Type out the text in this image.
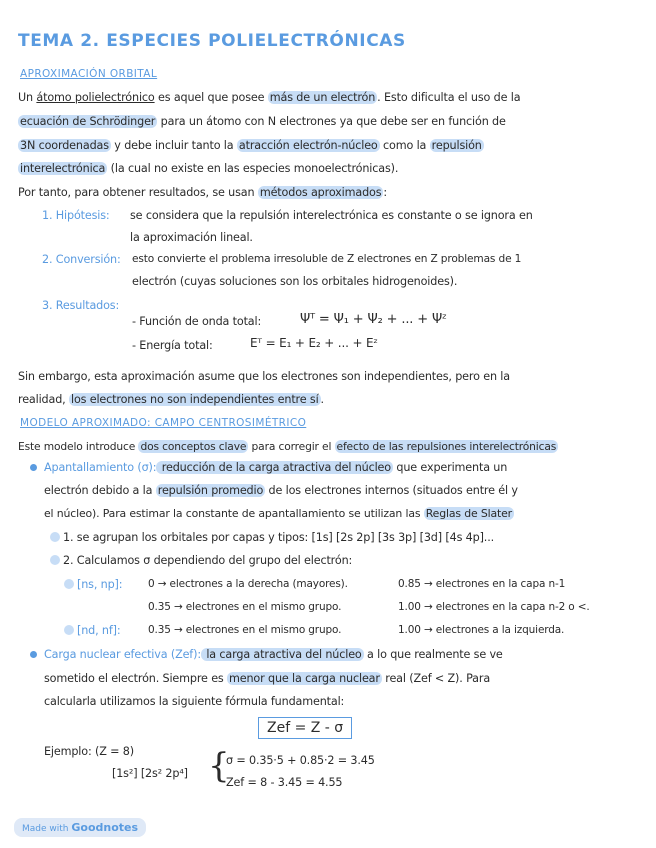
TEMA 2. ESPECIES POLIELECTRÓNICAS
APROXIMACIÓN ORBITAL
Un átomo polielectrónico es aquel que posee más de un electrón . Esto dificulta el uso de la
ecuación de Schrödinger para un átomo con N electrones ya que debe ser en función de
3N coordenadas y debe incluir tanto la atracción electrón-núcleo como la repulsión
interelectrónica (la cual no existe en las especies monoelectrónicas).
Por tanto, para obtener resultados, se usan métodos aproximados :
1. Hipótesis: se considera que la repulsión interelectrónica es constante o se ignora en
la aproximación lineal.
2. Conversión: esto convierte el problema irresoluble de Z electrones en Z problemas de 1
electrón (cuyas soluciones son los orbitales hidrogenoides).
3. Resultados:
- Función de onda total:	Ψᵀ = Ψ₁ + Ψ₂ + ... + Ψᶻ
- Energía total:	Eᵀ = E₁ + E₂ + ... + Eᶻ
Sin embargo, esta aproximación asume que los electrones son independientes, pero en la
realidad, los electrones no son independientes entre sí .
MODELO APROXIMADO: CAMPO CENTROSIMÉTRICO
Este modelo introduce dos conceptos clave para corregir el efecto de las repulsiones interelectrónicas
Apantallamiento (σ): reducción de la carga atractiva del núcleo que experimenta un
electrón debido a la repulsión promedio de los electrones internos (situados entre él y
el núcleo). Para estimar la constante de apantallamiento se utilizan las Reglas de Slater
1. se agrupan los orbitales por capas y tipos: [1s] [2s 2p] [3s 3p] [3d] [4s 4p]...
2. Calculamos σ dependiendo del grupo del electrón:
[ns, np]: 0 → electrones a la derecha (mayores).	0.85 → electrones en la capa n-1
0.35 → electrones en el mismo grupo.	1.00 → electrones en la capa n-2 o <.
[nd, nf]:	0.35 → electrones en el mismo grupo.	1.00 → electrones a la izquierda.
Carga nuclear efectiva (Zef): la carga atractiva del núcleo a lo que realmente se ve
sometido el electrón. Siempre es menor que la carga nuclear real (Zef < Z). Para
calcularla utilizamos la siguiente fórmula fundamental:
Zef = Z - σ
Ejemplo: (Z = 8)
[1s²] [2s² 2p⁴] {
σ = 0.35·5 + 0.85·2 = 3.45
Zef = 8 - 3.45 = 4.55
Made with Goodnotes
